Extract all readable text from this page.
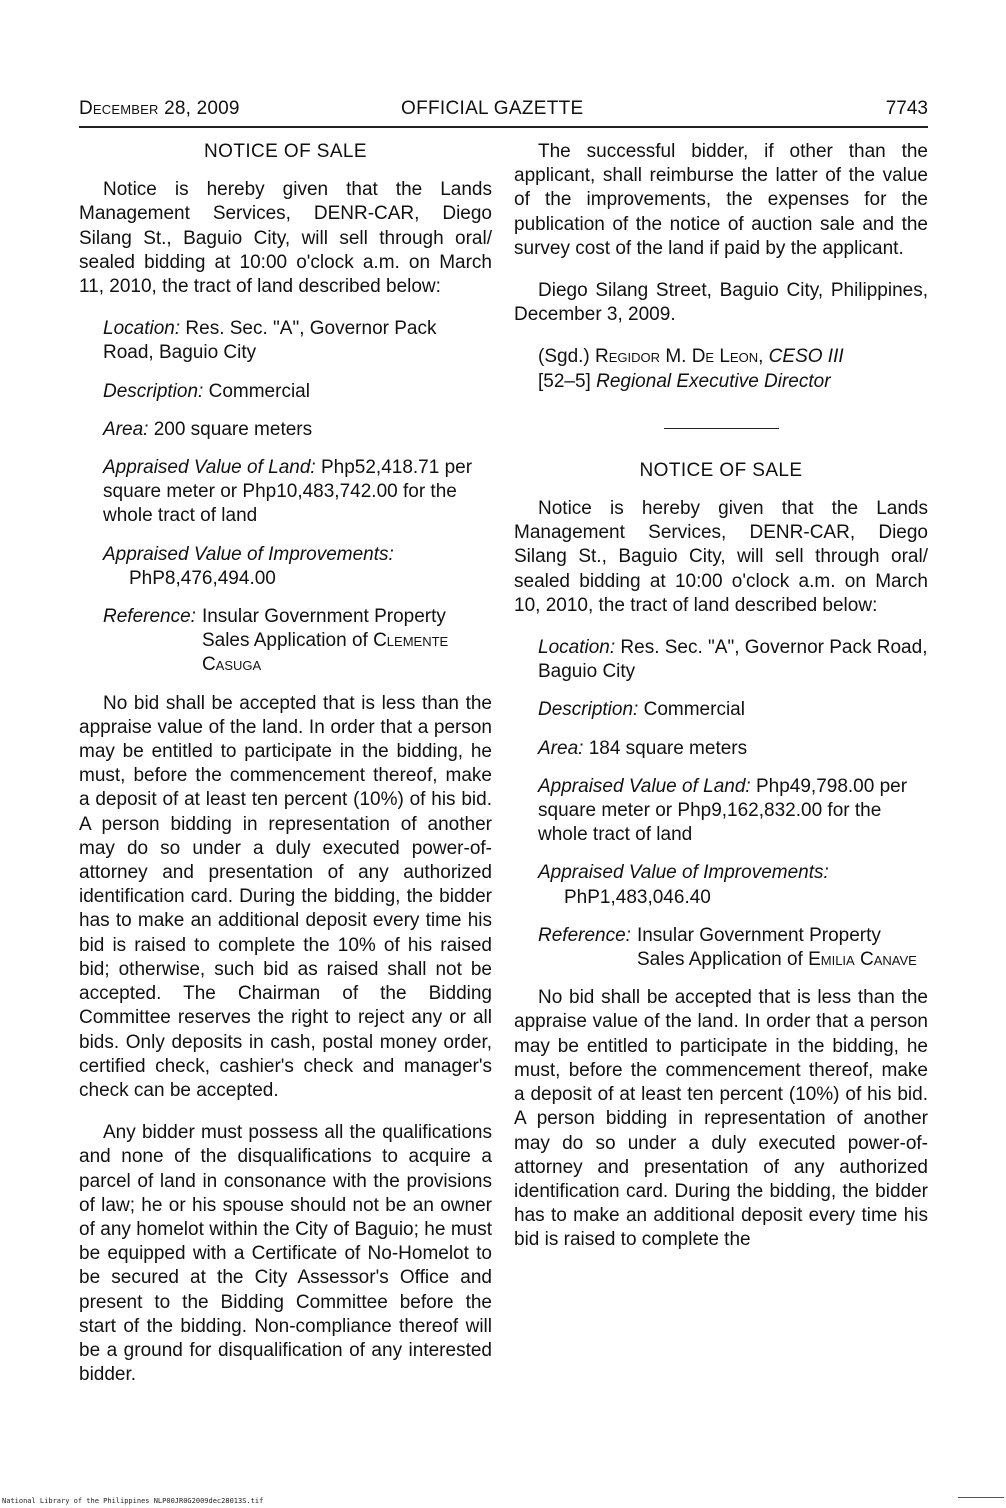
December 28, 2009	OFFICIAL GAZETTE	7743
NOTICE OF SALE

Notice is hereby given that the Lands Management Services, DENR-CAR, Diego Silang St., Baguio City, will sell through oral/ sealed bidding at 10:00 o'clock a.m. on March 11, 2010, the tract of land described below:

Location: Res. Sec. "A", Governor Pack Road, Baguio City
Description: Commercial
Area: 200 square meters
Appraised Value of Land: Php52,418.71 per square meter or Php10,483,742.00 for the whole tract of land
Appraised Value of Improvements:
PhP8,476,494.00
Reference: Insular Government Property Sales Application of Clemente Casuga

No bid shall be accepted that is less than the appraise value of the land. In order that a person may be entitled to participate in the bidding, he must, before the commencement thereof, make a deposit of at least ten percent (10%) of his bid. A person bidding in representation of another may do so under a duly executed power-of-attorney and presentation of any authorized identification card. During the bidding, the bidder has to make an additional deposit every time his bid is raised to complete the 10% of his raised bid; otherwise, such bid as raised shall not be accepted. The Chairman of the Bidding Committee reserves the right to reject any or all bids. Only deposits in cash, postal money order, certified check, cashier's check and manager's check can be accepted.

Any bidder must possess all the qualifications and none of the disqualifications to acquire a parcel of land in consonance with the provisions of law; he or his spouse should not be an owner of any homelot within the City of Baguio; he must be equipped with a Certificate of No-Homelot to be secured at the City Assessor's Office and present to the Bidding Committee before the start of the bidding. Non-compliance thereof will be a ground for disqualification of any interested bidder.

The successful bidder, if other than the applicant, shall reimburse the latter of the value of the improvements, the expenses for the publication of the notice of auction sale and the survey cost of the land if paid by the applicant.

Diego Silang Street, Baguio City, Philippines, December 3, 2009.

(Sgd.) Regidor M. De Leon, CESO III
[52–5] Regional Executive Director
NOTICE OF SALE

Notice is hereby given that the Lands Management Services, DENR-CAR, Diego Silang St., Baguio City, will sell through oral/ sealed bidding at 10:00 o'clock a.m. on March 10, 2010, the tract of land described below:

Location: Res. Sec. "A", Governor Pack Road, Baguio City
Description: Commercial
Area: 184 square meters
Appraised Value of Land: Php49,798.00 per square meter or Php9,162,832.00 for the whole tract of land
Appraised Value of Improvements:
PhP1,483,046.40
Reference: Insular Government Property Sales Application of Emilia Canave

No bid shall be accepted that is less than the appraise value of the land. In order that a person may be entitled to participate in the bidding, he must, before the commencement thereof, make a deposit of at least ten percent (10%) of his bid. A person bidding in representation of another may do so under a duly executed power-of-attorney and presentation of any authorized identification card. During the bidding, the bidder has to make an additional deposit every time his bid is raised to complete the

National Library of the Philippines NLP00JR0G2009dec28013S.tif
